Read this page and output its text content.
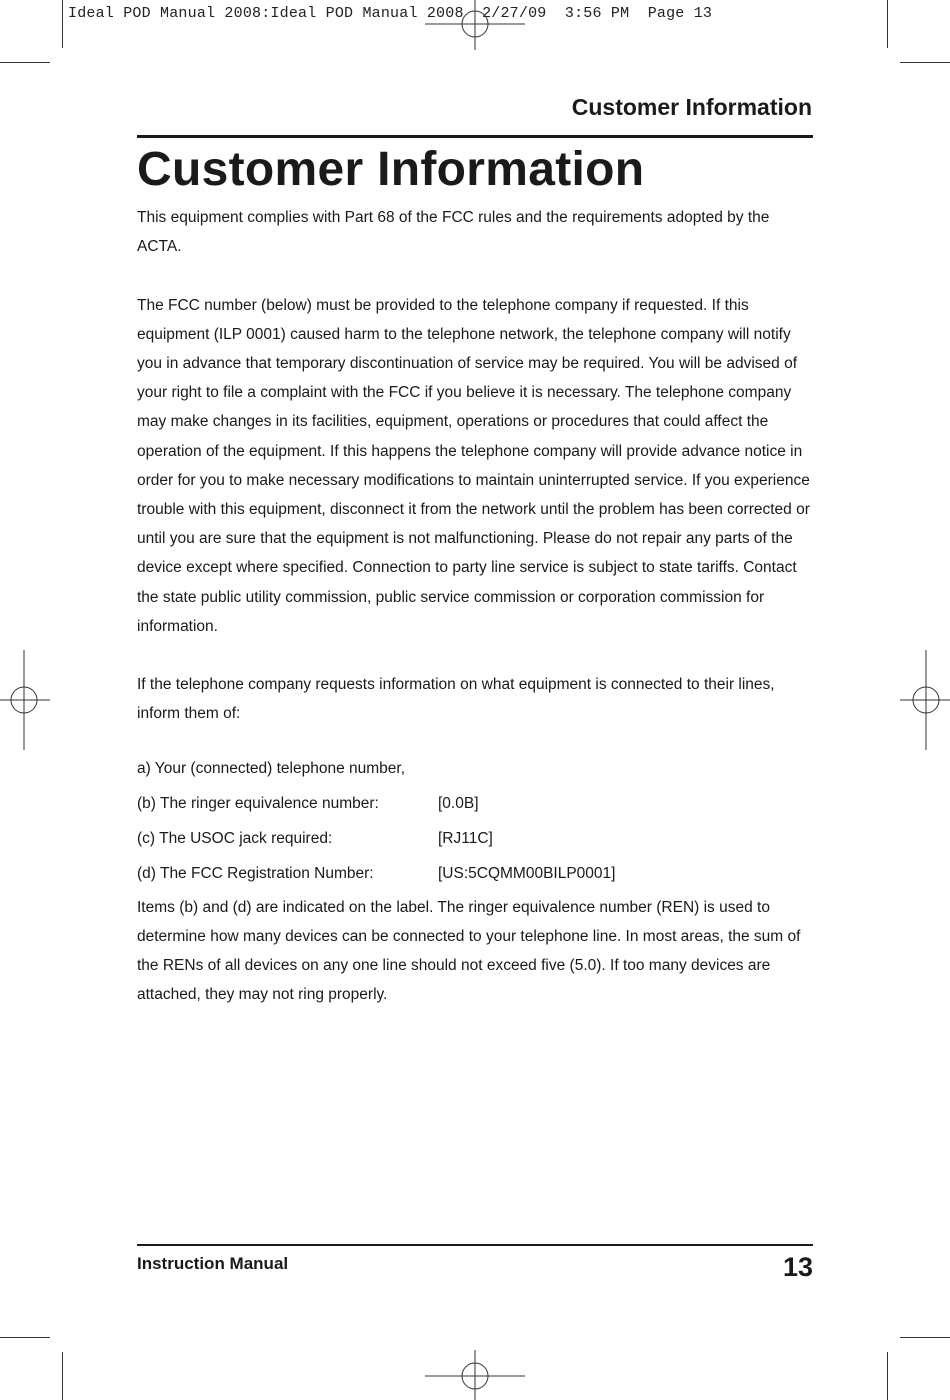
Ideal POD Manual 2008:Ideal POD Manual 2008  2/27/09  3:56 PM  Page 13
Customer Information
Customer Information

This equipment complies with Part 68 of the FCC rules and the requirements adopted by the ACTA.

The FCC number (below) must be provided to the telephone company if requested. If this equipment (ILP 0001) caused harm to the telephone network, the telephone company will notify you in advance that temporary discontinuation of service may be required. You will be advised of your right to file a complaint with the FCC if you believe it is necessary. The telephone company may make changes in its facilities, equipment, operations or procedures that could affect the operation of the equipment. If this happens the telephone company will provide advance notice in order for you to make necessary modifications to maintain uninterrupted service. If you experience trouble with this equipment, disconnect it from the network until the problem has been corrected or until you are sure that the equipment is not malfunctioning. Please do not repair any parts of the device except where specified. Connection to party line service is subject to state tariffs. Contact the state public utility commission, public service commission or corporation commission for information.

If the telephone company requests information on what equipment is connected to their lines, inform them of:

a) Your (connected) telephone number,
(b) The ringer equivalence number:	[0.0B]
(c) The USOC jack required:	[RJ11C]
(d) The FCC Registration Number:	[US:5CQMM00BILP0001]

Items (b) and (d) are indicated on the label. The ringer equivalence number (REN) is used to determine how many devices can be connected to your telephone line. In most areas, the sum of the RENs of all devices on any one line should not exceed five (5.0). If too many devices are attached, they may not ring properly.

Instruction Manual	13
